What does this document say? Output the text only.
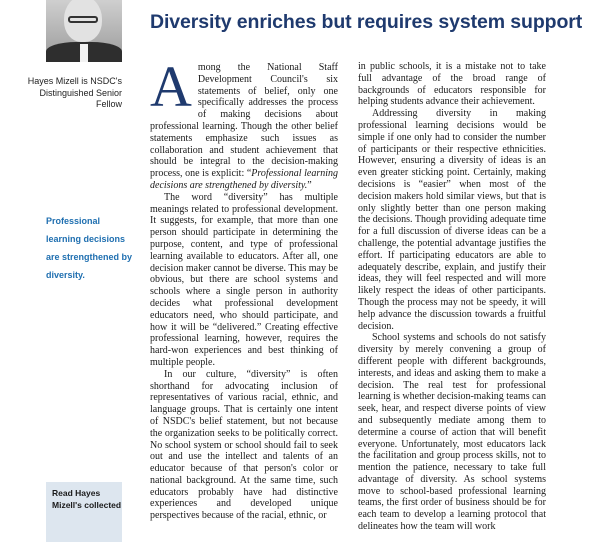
Diversity enriches but requires system support
Hayes Mizell is NSDC's Distinguished Senior Fellow
Professional learning decisions are strengthened by diversity.
Read Hayes Mizell's collected

Among the National Staff Development Council's six statements of belief, only one specifically addresses the process of making decisions about professional learning. Though the other belief statements emphasize such issues as collaboration and student achievement that should be integral to the decision-making process, one is explicit: “Professional learning decisions are strengthened by diversity.”

The word “diversity” has multiple meanings related to professional development. It suggests, for example, that more than one person should participate in determining the purpose, content, and type of professional learning available to educators. After all, one decision maker cannot be diverse. This may be obvious, but there are school systems and schools where a single person in authority decides what professional development educators need, who should participate, and how it will be “delivered.” Creating effective professional learning, however, requires the hard-won experiences and best thinking of multiple people.

In our culture, “diversity” is often shorthand for advocating inclusion of representatives of various racial, ethnic, and language groups. That is certainly one intent of NSDC's belief statement, but not because the organization seeks to be politically correct. No school system or school should fail to seek out and use the intellect and talents of an educator because of that person's color or national background. At the same time, such educators probably have had distinctive experiences and developed unique perspectives because of the racial, ethnic, or

in public schools, it is a mistake not to take full advantage of the broad range of backgrounds of educators responsible for helping students advance their achievement.

Addressing diversity in making professional learning decisions would be simple if one only had to consider the number of participants or their respective ethnicities. However, ensuring a diversity of ideas is an even greater sticking point. Certainly, making decisions is “easier” when most of the decision makers hold similar views, but that is only slightly better than one person making the decisions. Though providing adequate time for a full discussion of diverse ideas can be a challenge, the potential advantage justifies the effort. If participating educators are able to adequately describe, explain, and justify their ideas, they will feel respected and will more likely respect the ideas of other participants. Though the process may not be speedy, it will help advance the discussion towards a fruitful decision.

School systems and schools do not satisfy diversity by merely convening a group of different people with different backgrounds, interests, and ideas and asking them to make a decision. The real test for professional learning is whether decision-making teams can seek, hear, and respect diverse points of view and subsequently mediate among them to determine a course of action that will benefit everyone. Unfortunately, most educators lack the facilitation and group process skills, not to mention the patience, necessary to take full advantage of diversity. As school systems move to school-based professional learning teams, the first order of business should be for each team to develop a learning protocol that delineates how the team will work
